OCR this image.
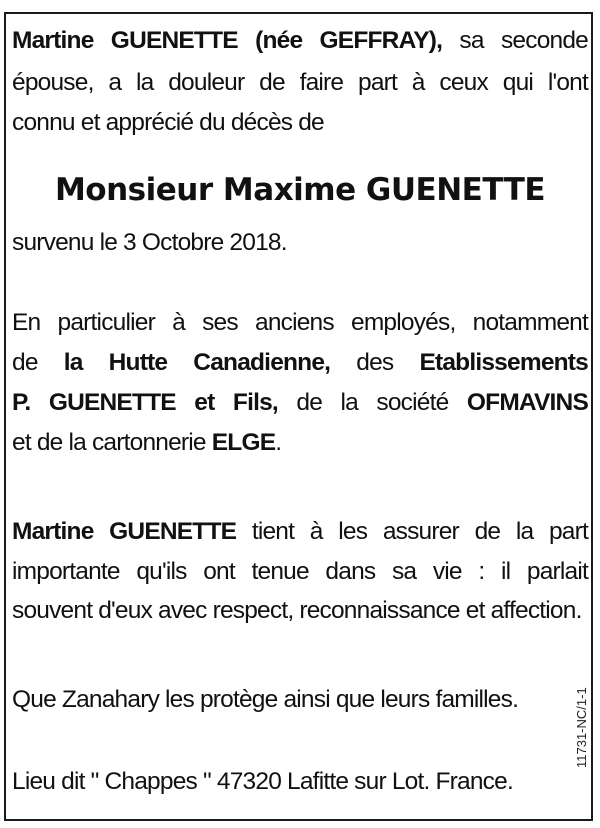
Martine GUENETTE (née GEFFRAY), sa seconde
épouse, a la douleur de faire part à ceux qui l'ont
connu et apprécié du décès de
Monsieur Maxime GUENETTE
survenu le 3 Octobre 2018.
En particulier à ses anciens employés, notamment
de la Hutte Canadienne, des Etablissements
P. GUENETTE et Fils, de la société OFMAVINS
et de la cartonnerie ELGE.
Martine GUENETTE tient à les assurer de la part
importante qu'ils ont tenue dans sa vie : il parlait
souvent d'eux avec respect, reconnaissance et affection.
Que Zanahary les protège ainsi que leurs familles.
Lieu dit " Chappes " 47320 Lafitte sur Lot. France.
11731-NC/1-1
